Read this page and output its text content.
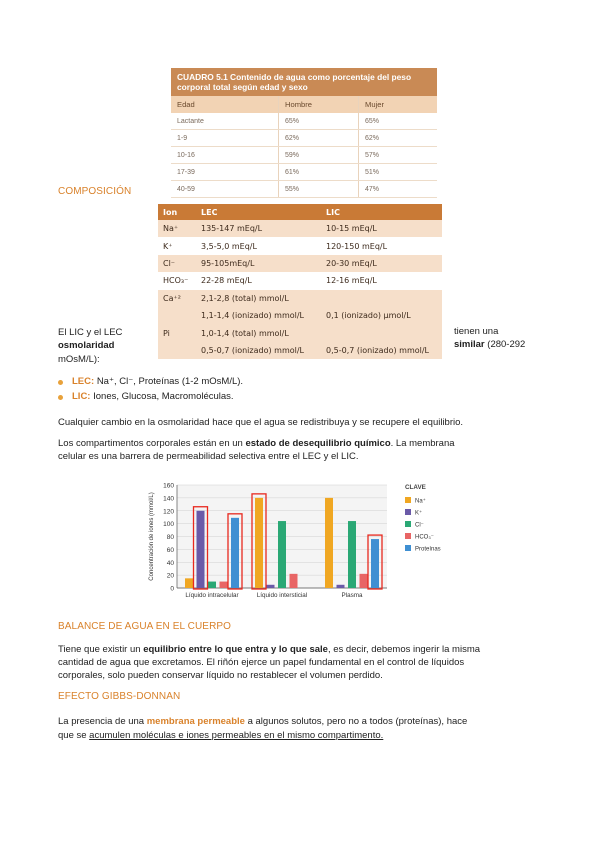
CUADRO 5.1 Contenido de agua como porcentaje del peso corporal total según edad y sexo
Edad	Hombre	Mujer
Lactante	65%	65%
1-9	62%	62%
10-16	59%	57%
17-39	61%	51%
40-59	55%	47%
COMPOSICIÓN
Ion	LEC	LIC
Na⁺	135-147 mEq/L	10-15 mEq/L
K⁺	3,5-5,0 mEq/L	120-150 mEq/L
Cl⁻	95-105mEq/L	20-30 mEq/L
HCO₃⁻	22-28 mEq/L	12-16 mEq/L
Ca⁺²	2,1-2,8 (total) mmol/L	
	1,1-1,4 (ionizado) mmol/L	0,1 (ionizado) μmol/L
Pi	1,0-1,4 (total) mmol/L	
	0,5-0,7 (ionizado) mmol/L	0,5-0,7 (ionizado) mmol/L
El LIC y el LEC
osmolaridad
mOsM/L):
tienen una
similar (280-292
LEC: Na⁺, Cl⁻, Proteínas (1-2 mOsM/L).
LIC: Iones, Glucosa, Macromoléculas.
Cualquier cambio en la osmolaridad hace que el agua se redistribuya y se recupere el equilibrio.
Los compartimentos corporales están en un estado de desequilibrio químico. La membrana
celular es una barrera de permeabilidad selectiva entre el LEC y el LIC.
0
20
40
60
80
100
120
140
160
Concentración de iones (mmol/L)
Líquido intracelular	Líquido intersticial	Plasma
CLAVE
Na⁺
K⁺
Cl⁻
HCO₃⁻
Proteínas
BALANCE DE AGUA EN EL CUERPO
Tiene que existir un equilibrio entre lo que entra y lo que sale, es decir, debemos ingerir la misma
cantidad de agua que excretamos. El riñón ejerce un papel fundamental en el control de líquidos
corporales, solo pueden conservar líquido no restablecer el volumen perdido.
EFECTO GIBBS-DONNAN
La presencia de una membrana permeable a algunos solutos, pero no a todos (proteínas), hace
que se acumulen moléculas e iones permeables en el mismo compartimento.
